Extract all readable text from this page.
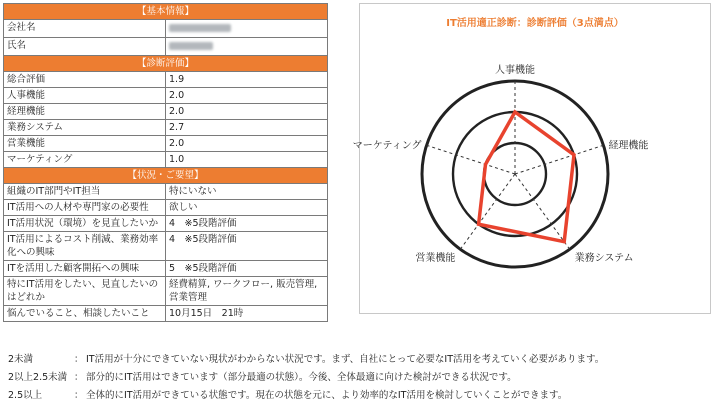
【基本情報】	
会社名	
氏名	
【診断評価】	
総合評価	1.9
人事機能	2.0
経理機能	2.0
業務システム	2.7
営業機能	2.0
マーケティング	1.0
【状況・ご要望】	
組織のIT部門やIT担当	特にいない
IT活用への人材や専門家の必要性	欲しい
IT活用状況（環境）を見直したいか	4　※5段階評価
IT活用によるコスト削減、業務効率化への興味	4　※5段階評価
ITを活用した顧客開拓への興味	5　※5段階評価
特にIT活用をしたい、見直したいのはどれか	経費精算, ワークフロー, 販売管理, 営業管理
悩んでいること、相談したいこと	10月15日　21時
IT活用適正診断：診断評価（3点満点）
人事機能
経理機能
業務システム
営業機能
マーケティング
2未満	： IT活用が十分にできていない現状がわからない状況です。まず、自社にとって必要なIT活用を考えていく必要があります。
2以上2.5未満 ： 部分的にIT活用はできています（部分最適の状態）。今後、全体最適に向けた検討ができる状況です。
2.5以上	： 全体的にIT活用ができている状態です。現在の状態を元に、より効率的なIT活用を検討していくことができます。
